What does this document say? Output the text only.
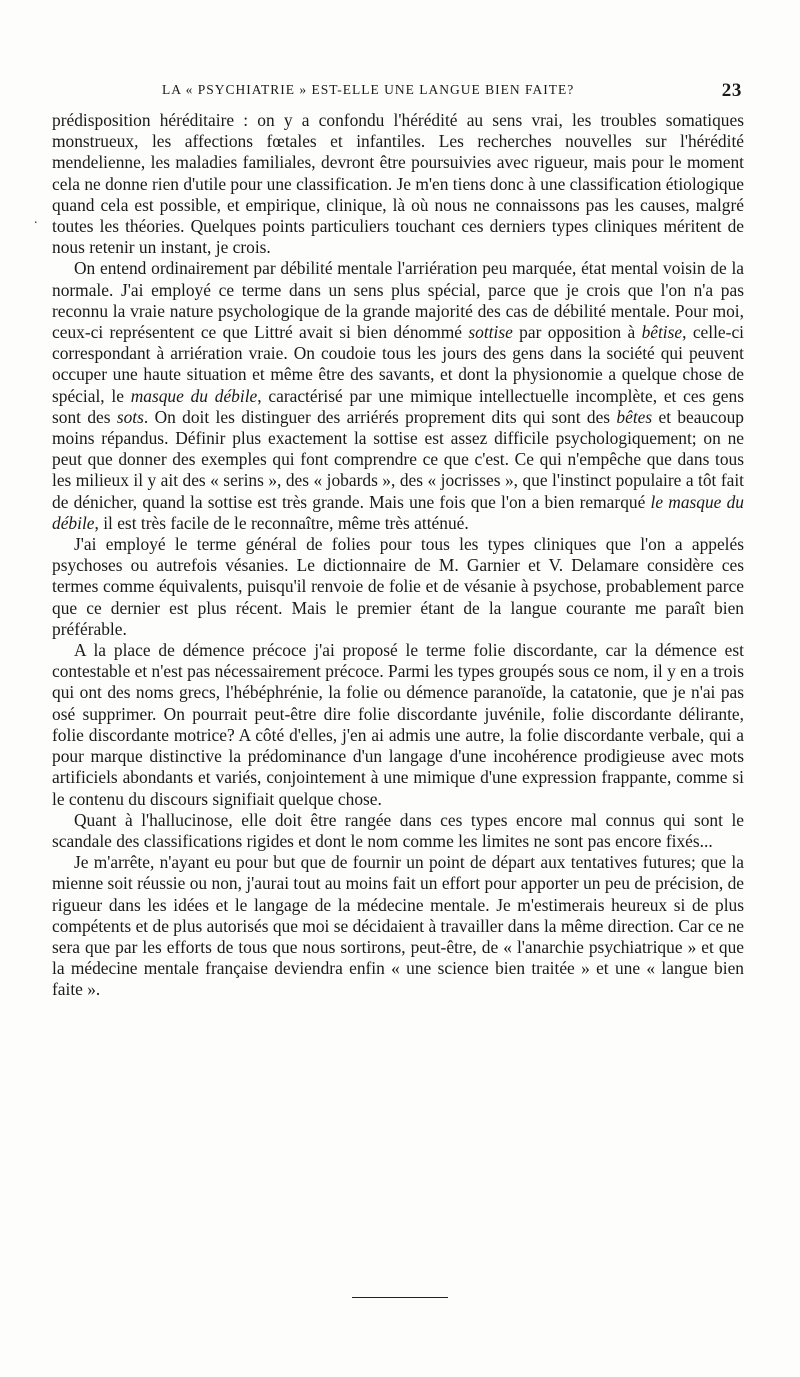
LA « PSYCHIATRIE » EST-ELLE UNE LANGUE BIEN FAITE?	23
.

prédisposition héréditaire : on y a confondu l'hérédité au sens vrai, les troubles somatiques monstrueux, les affections fœtales et infantiles. Les recherches nouvelles sur l'hérédité mendelienne, les maladies familiales, devront être poursuivies avec rigueur, mais pour le moment cela ne donne rien d'utile pour une classification. Je m'en tiens donc à une classification étiologique quand cela est possible, et empirique, clinique, là où nous ne connaissons pas les causes, malgré toutes les théories. Quelques points particuliers touchant ces derniers types cliniques méritent de nous retenir un instant, je crois.

On entend ordinairement par débilité mentale l'arriération peu marquée, état mental voisin de la normale. J'ai employé ce terme dans un sens plus spécial, parce que je crois que l'on n'a pas reconnu la vraie nature psychologique de la grande majorité des cas de débilité mentale. Pour moi, ceux-ci représentent ce que Littré avait si bien dénommé sottise par opposition à bêtise, celle-ci correspondant à arriération vraie. On coudoie tous les jours des gens dans la société qui peuvent occuper une haute situation et même être des savants, et dont la physionomie a quelque chose de spécial, le masque du débile, caractérisé par une mimique intellectuelle incomplète, et ces gens sont des sots. On doit les distinguer des arriérés proprement dits qui sont des bêtes et beaucoup moins répandus. Définir plus exactement la sottise est assez difficile psychologiquement; on ne peut que donner des exemples qui font comprendre ce que c'est. Ce qui n'empêche que dans tous les milieux il y ait des « serins », des « jobards », des « jocrisses », que l'instinct populaire a tôt fait de dénicher, quand la sottise est très grande. Mais une fois que l'on a bien remarqué le masque du débile, il est très facile de le reconnaître, même très atténué.

J'ai employé le terme général de folies pour tous les types cliniques que l'on a appelés psychoses ou autrefois vésanies. Le dictionnaire de M. Garnier et V. Delamare considère ces termes comme équivalents, puisqu'il renvoie de folie et de vésanie à psychose, probablement parce que ce dernier est plus récent. Mais le premier étant de la langue courante me paraît bien préférable.

A la place de démence précoce j'ai proposé le terme folie discordante, car la démence est contestable et n'est pas nécessairement précoce. Parmi les types groupés sous ce nom, il y en a trois qui ont des noms grecs, l'hébéphrénie, la folie ou démence paranoïde, la catatonie, que je n'ai pas osé supprimer. On pourrait peut-être dire folie discordante juvénile, folie discordante délirante, folie discordante motrice? A côté d'elles, j'en ai admis une autre, la folie discordante verbale, qui a pour marque distinctive la prédominance d'un langage d'une incohérence prodigieuse avec mots artificiels abondants et variés, conjointement à une mimique d'une expression frappante, comme si le contenu du discours signifiait quelque chose.

Quant à l'hallucinose, elle doit être rangée dans ces types encore mal connus qui sont le scandale des classifications rigides et dont le nom comme les limites ne sont pas encore fixés...

Je m'arrête, n'ayant eu pour but que de fournir un point de départ aux tentatives futures; que la mienne soit réussie ou non, j'aurai tout au moins fait un effort pour apporter un peu de précision, de rigueur dans les idées et le langage de la médecine mentale. Je m'estimerais heureux si de plus compétents et de plus autorisés que moi se décidaient à travailler dans la même direction. Car ce ne sera que par les efforts de tous que nous sortirons, peut-être, de « l'anarchie psychiatrique » et que la médecine mentale française deviendra enfin « une science bien traitée » et une « langue bien faite ».
